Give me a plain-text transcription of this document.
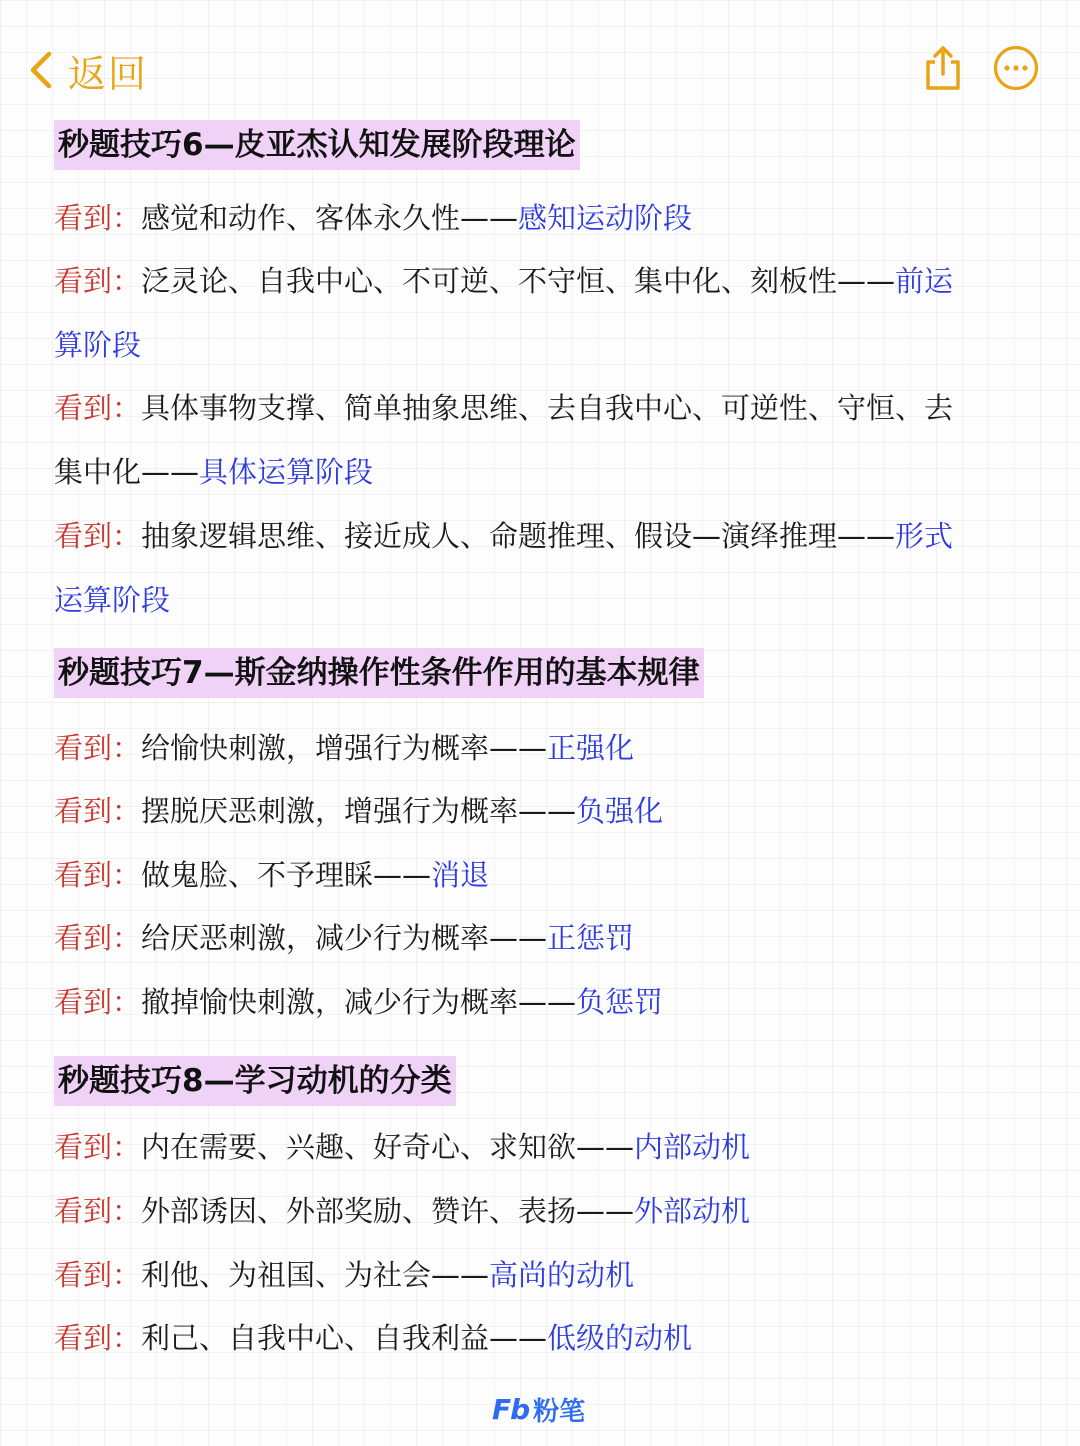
返回
秒题技巧6—皮亚杰认知发展阶段理论
看到：感觉和动作、客体永久性——感知运动阶段
看到：泛灵论、自我中心、不可逆、不守恒、集中化、刻板性——前运
算阶段
看到：具体事物支撑、简单抽象思维、去自我中心、可逆性、守恒、去
集中化——具体运算阶段
看到：抽象逻辑思维、接近成人、命题推理、假设—演绎推理——形式
运算阶段
秒题技巧7—斯金纳操作性条件作用的基本规律
看到：给愉快刺激，增强行为概率——正强化
看到：摆脱厌恶刺激，增强行为概率——负强化
看到：做鬼脸、不予理睬——消退
看到：给厌恶刺激，减少行为概率——正惩罚
看到：撤掉愉快刺激，减少行为概率——负惩罚
秒题技巧8—学习动机的分类
看到：内在需要、兴趣、好奇心、求知欲——内部动机
看到：外部诱因、外部奖励、赞许、表扬——外部动机
看到：利他、为祖国、为社会——高尚的动机
看到：利己、自我中心、自我利益——低级的动机
Fb 粉笔
